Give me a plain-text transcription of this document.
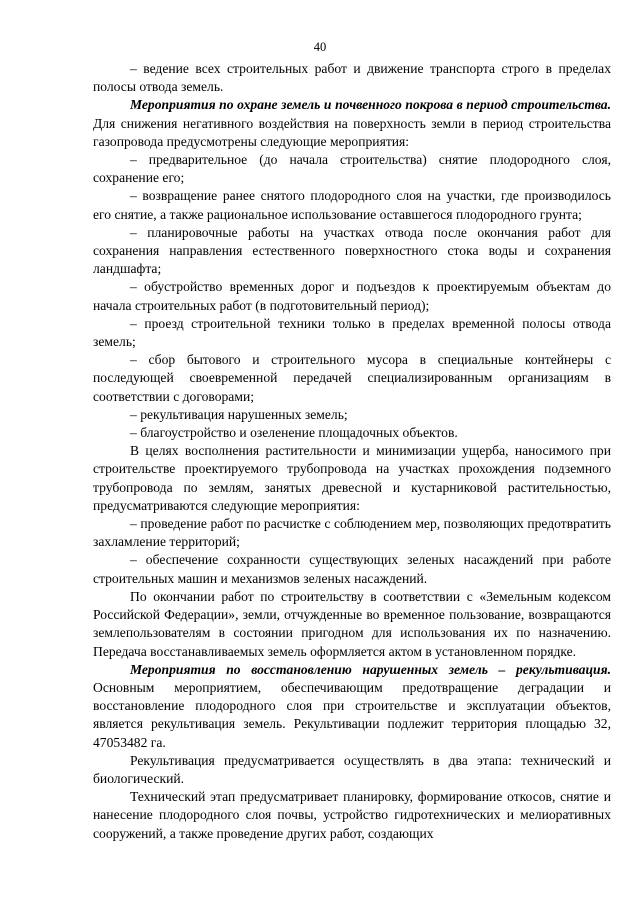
40
– ведение всех строительных работ и движение транспорта строго в пределах полосы отвода земель.
Мероприятия по охране земель и почвенного покрова в период строительства. Для снижения негативного воздействия на поверхность земли в период строительства газопровода предусмотрены следующие мероприятия:
– предварительное (до начала строительства) снятие плодородного слоя, сохранение его;
– возвращение ранее снятого плодородного слоя на участки, где производилось его снятие, а также рациональное использование оставшегося плодородного грунта;
– планировочные работы на участках отвода после окончания работ для сохранения направления естественного поверхностного стока воды и сохранения ландшафта;
– обустройство временных дорог и подъездов к проектируемым объектам до начала строительных работ (в подготовительный период);
– проезд строительной техники только в пределах временной полосы отвода земель;
– сбор бытового и строительного мусора в специальные контейнеры с последующей своевременной передачей специализированным организациям в соответствии с договорами;
– рекультивация нарушенных земель;
– благоустройство и озеленение площадочных объектов.
В целях восполнения растительности и минимизации ущерба, наносимого при строительстве проектируемого трубопровода на участках прохождения подземного трубопровода по землям, занятых древесной и кустарниковой растительностью, предусматриваются следующие мероприятия:
– проведение работ по расчистке с соблюдением мер, позволяющих предотвратить захламление территорий;
– обеспечение сохранности существующих зеленых насаждений при работе строительных машин и механизмов зеленых насаждений.
По окончании работ по строительству в соответствии с «Земельным кодексом Российской Федерации», земли, отчужденные во временное пользование, возвращаются землепользователям в состоянии пригодном для использования их по назначению. Передача восстанавливаемых земель оформляется актом в установленном порядке.
Мероприятия по восстановлению нарушенных земель – рекультивация. Основным мероприятием, обеспечивающим предотвращение деградации и восстановление плодородного слоя при строительстве и эксплуатации объектов, является рекультивация земель. Рекультивации подлежит территория площадью 32, 47053482 га.
Рекультивация предусматривается осуществлять в два этапа: технический и биологический.
Технический этап предусматривает планировку, формирование откосов, снятие и нанесение плодородного слоя почвы, устройство гидротехнических и мелиоративных сооружений, а также проведение других работ, создающих
